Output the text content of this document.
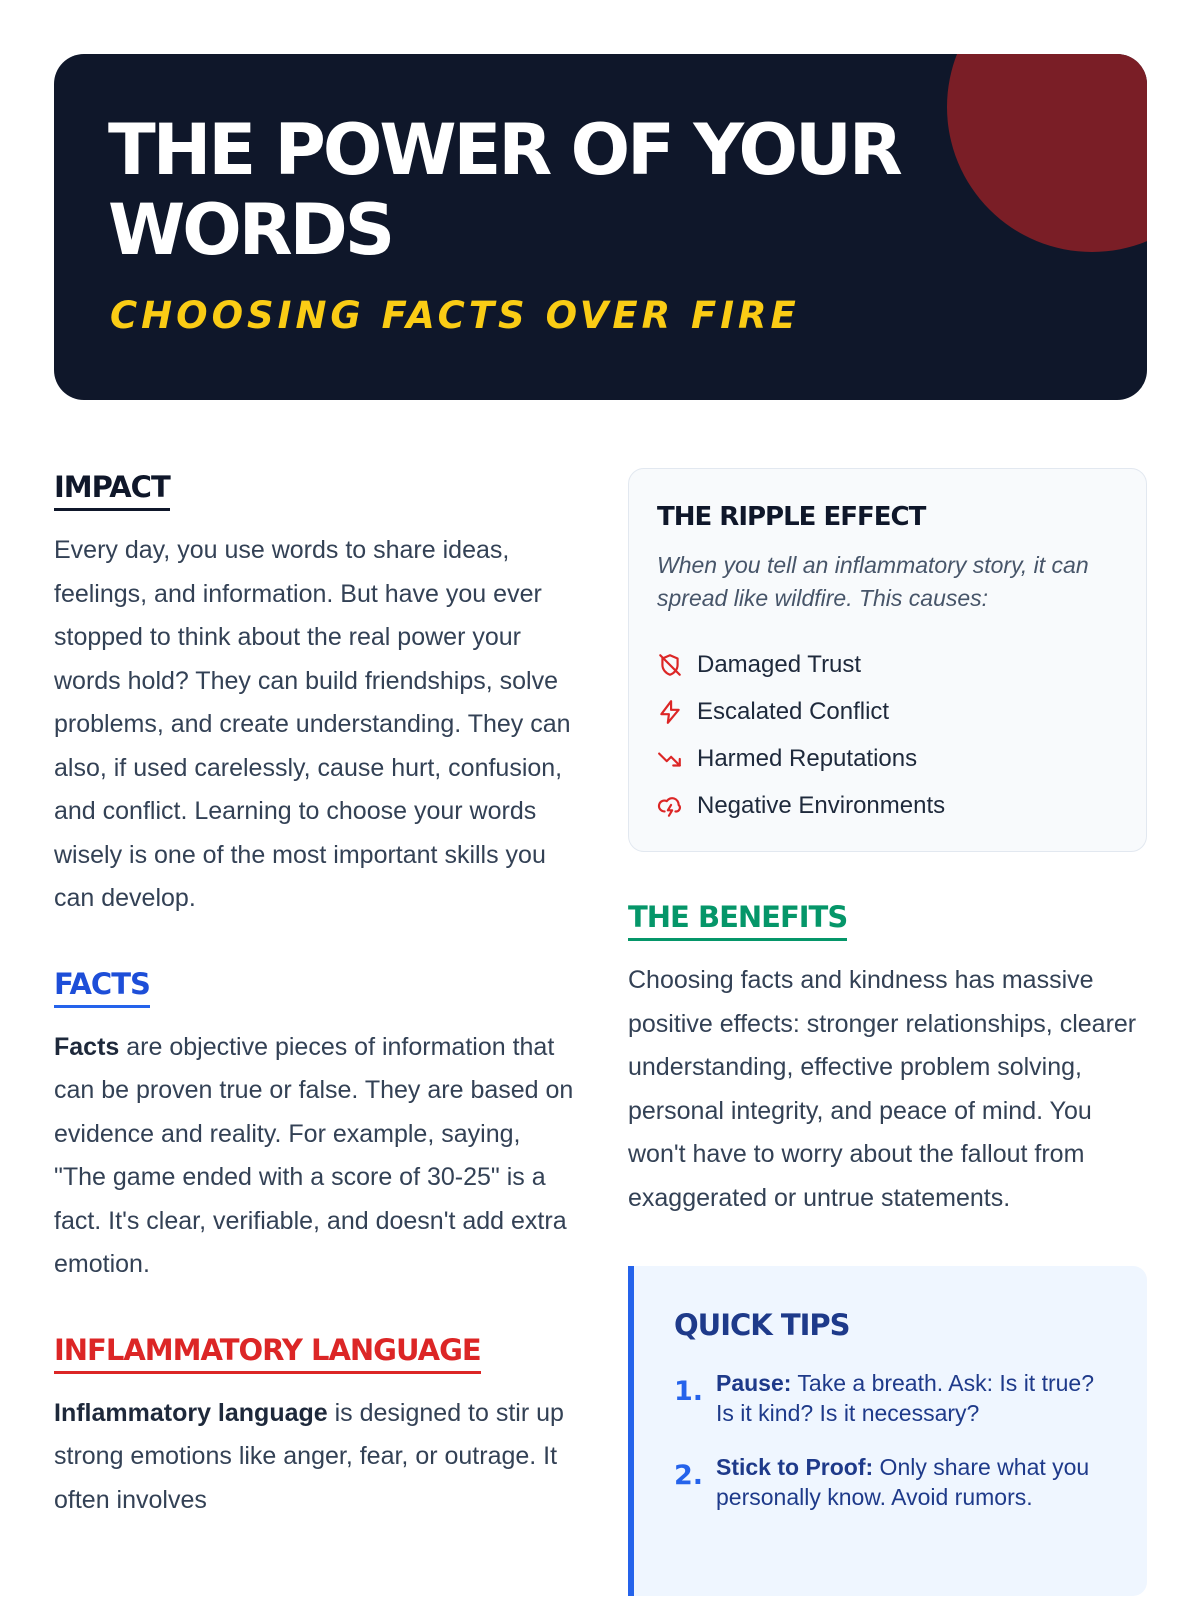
THE POWER OF YOUR WORDS
CHOOSING FACTS OVER FIRE
IMPACT

Every day, you use words to share ideas, feelings, and information. But have you ever stopped to think about the real power your words hold? They can build friendships, solve problems, and create understanding. They can also, if used carelessly, cause hurt, confusion, and conflict. Learning to choose your words wisely is one of the most important skills you can develop.

FACTS

Facts are objective pieces of information that can be proven true or false. They are based on evidence and reality. For example, saying, "The game ended with a score of 30-25" is a fact. It's clear, verifiable, and doesn't add extra emotion.

INFLAMMATORY LANGUAGE

Inflammatory language is designed to stir up strong emotions like anger, fear, or outrage. It often involves

THE RIPPLE EFFECT

When you tell an inflammatory story, it can spread like wildfire. This causes:

Damaged Trust
Escalated Conflict
Harmed Reputations
Negative Environments
THE BENEFITS

Choosing facts and kindness has massive positive effects: stronger relationships, clearer understanding, effective problem solving, personal integrity, and peace of mind. You won't have to worry about the fallout from exaggerated or untrue statements.

QUICK TIPS
1. Pause: Take a breath. Ask: Is it true? Is it kind? Is it necessary?
2. Stick to Proof: Only share what you personally know. Avoid rumors.
